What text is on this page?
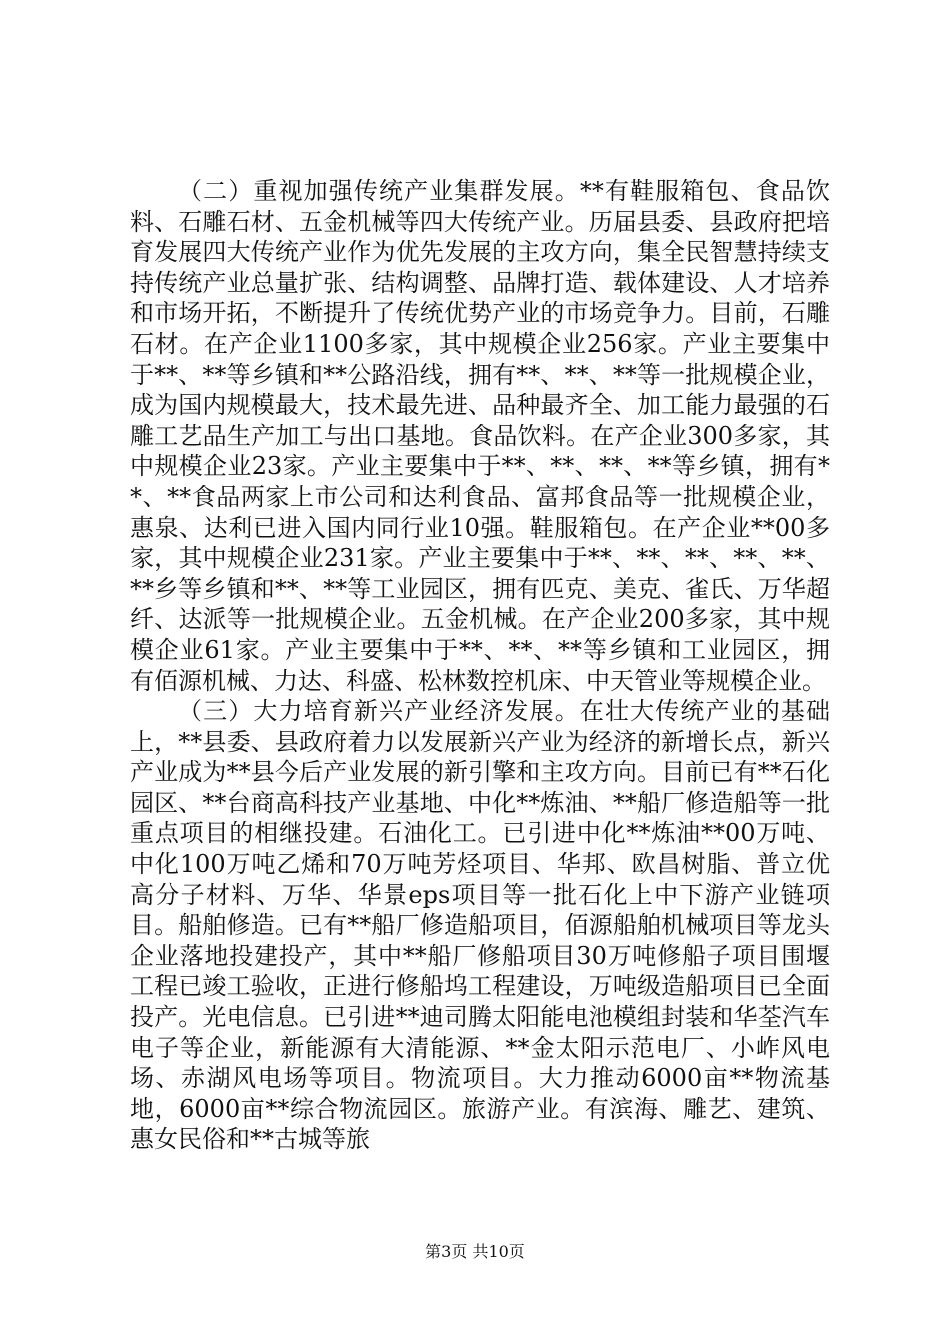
（二）重视加强传统产业集群发展。**有鞋服箱包、食品饮料、石雕石材、五金机械等四大传统产业。历届县委、县政府把培育发展四大传统产业作为优先发展的主攻方向，集全民智慧持续支持传统产业总量扩张、结构调整、品牌打造、载体建设、人才培养和市场开拓，不断提升了传统优势产业的市场竞争力。目前，石雕石材。在产企业1100多家，其中规模企业256家。产业主要集中于**、**等乡镇和**公路沿线，拥有**、**、**等一批规模企业，成为国内规模最大，技术最先进、品种最齐全、加工能力最强的石雕工艺品生产加工与出口基地。食品饮料。在产企业300多家，其中规模企业23家。产业主要集中于**、**、**、**等乡镇，拥有**、**食品两家上市公司和达利食品、富邦食品等一批规模企业，惠泉、达利已进入国内同行业10强。鞋服箱包。在产企业**00多家，其中规模企业231家。产业主要集中于**、**、**、**、**、**乡等乡镇和**、**等工业园区，拥有匹克、美克、雀氏、万华超纤、达派等一批规模企业。五金机械。在产企业200多家，其中规模企业61家。产业主要集中于**、**、**等乡镇和工业园区，拥有佰源机械、力达、科盛、松林数控机床、中天管业等规模企业。

（三）大力培育新兴产业经济发展。在壮大传统产业的基础上，**县委、县政府着力以发展新兴产业为经济的新增长点，新兴产业成为**县今后产业发展的新引擎和主攻方向。目前已有**石化园区、**台商高科技产业基地、中化**炼油、**船厂修造船等一批重点项目的相继投建。石油化工。已引进中化**炼油**00万吨、中化100万吨乙烯和70万吨芳烃项目、华邦、欧昌树脂、普立优高分子材料、万华、华景eps项目等一批石化上中下游产业链项目。船舶修造。已有**船厂修造船项目，佰源船舶机械项目等龙头企业落地投建投产，其中**船厂修船项目30万吨修船子项目围堰工程已竣工验收，正进行修船坞工程建设，万吨级造船项目已全面投产。光电信息。已引进**迪司腾太阳能电池模组封装和华荃汽车电子等企业，新能源有大清能源、**金太阳示范电厂、小岞风电场、赤湖风电场等项目。物流项目。大力推动6000亩**物流基地，6000亩**综合物流园区。旅游产业。有滨海、雕艺、建筑、惠女民俗和**古城等旅

第3页 共10页
